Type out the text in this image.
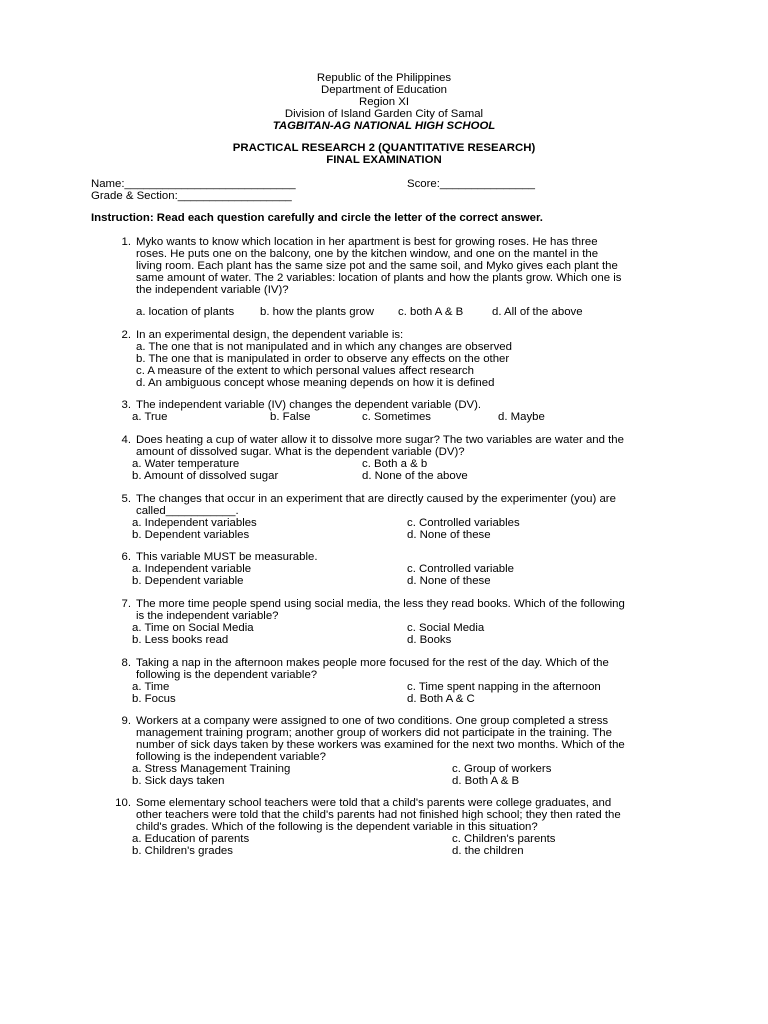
Republic of the Philippines
Department of Education
Region XI
Division of Island Garden City of Samal
TAGBITAN-AG NATIONAL HIGH SCHOOL
PRACTICAL RESEARCH 2 (QUANTITATIVE RESEARCH)
FINAL EXAMINATION
Name:___________________________	Score:_______________
Grade & Section:__________________
Instruction: Read each question carefully and circle the letter of the correct answer.
1. Myko wants to know which location in her apartment is best for growing roses. He has three
roses. He puts one on the balcony, one by the kitchen window, and one on the mantel in the
living room. Each plant has the same size pot and the same soil, and Myko gives each plant the
same amount of water. The 2 variables: location of plants and how the plants grow. Which one is
the independent variable (IV)?
a. location of plants b. how the plants grow c. both A & B	d. All of the above
2. In an experimental design, the dependent variable is:
a. The one that is not manipulated and in which any changes are observed
b. The one that is manipulated in order to observe any effects on the other
c. A measure of the extent to which personal values affect research
d. An ambiguous concept whose meaning depends on how it is defined
3. The independent variable (IV) changes the dependent variable (DV).
a. True	b. False	c. Sometimes	d. Maybe
4. Does heating a cup of water allow it to dissolve more sugar? The two variables are water and the
amount of dissolved sugar. What is the dependent variable (DV)?
a. Water temperature	c. Both a & b
b. Amount of dissolved sugar	d. None of the above
5. The changes that occur in an experiment that are directly caused by the experimenter (you) are
called___________.
a. Independent variables	c. Controlled variables
b. Dependent variables	d. None of these
6. This variable MUST be measurable.
a. Independent variable	c. Controlled variable
b. Dependent variable	d. None of these
7. The more time people spend using social media, the less they read books. Which of the following
is the independent variable?
a. Time on Social Media	c. Social Media
b. Less books read	d. Books
8. Taking a nap in the afternoon makes people more focused for the rest of the day. Which of the
following is the dependent variable?
a. Time	c. Time spent napping in the afternoon
b. Focus	d. Both A & C
9. Workers at a company were assigned to one of two conditions. One group completed a stress
management training program; another group of workers did not participate in the training. The
number of sick days taken by these workers was examined for the next two months. Which of the
following is the independent variable?
a. Stress Management Training	c. Group of workers
b. Sick days taken	d. Both A & B
10. Some elementary school teachers were told that a child's parents were college graduates, and
other teachers were told that the child's parents had not finished high school; they then rated the
child's grades. Which of the following is the dependent variable in this situation?
a. Education of parents	c. Children's parents
b. Children's grades	d. the children
